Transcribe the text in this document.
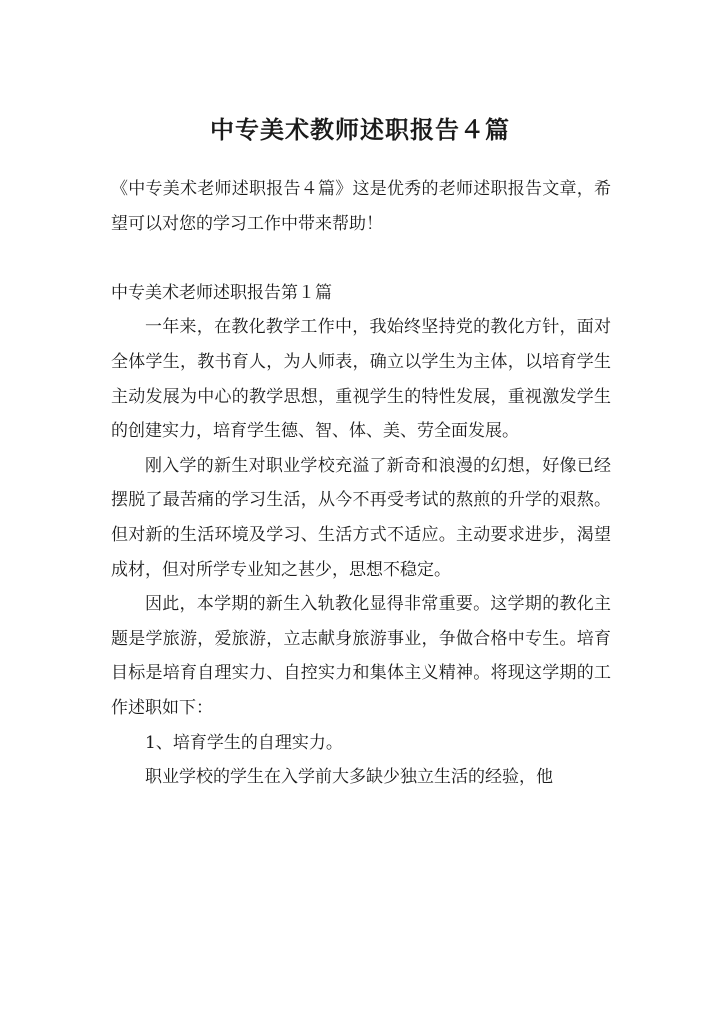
中专美术教师述职报告４篇

《中专美术老师述职报告４篇》这是优秀的老师述职报告文章，希望可以对您的学习工作中带来帮助！

中专美术老师述职报告第１篇

一年来，在教化教学工作中，我始终坚持党的教化方针，面对全体学生，教书育人，为人师表，确立以学生为主体，以培育学生主动发展为中心的教学思想，重视学生的特性发展，重视激发学生的创建实力，培育学生德、智、体、美、劳全面发展。

刚入学的新生对职业学校充溢了新奇和浪漫的幻想，好像已经摆脱了最苦痛的学习生活，从今不再受考试的熬煎的升学的艰熬。但对新的生活环境及学习、生活方式不适应。主动要求进步，渴望成材，但对所学专业知之甚少，思想不稳定。

因此，本学期的新生入轨教化显得非常重要。这学期的教化主题是学旅游，爱旅游，立志献身旅游事业，争做合格中专生。培育目标是培育自理实力、自控实力和集体主义精神。将现这学期的工作述职如下：

1、培育学生的自理实力。

职业学校的学生在入学前大多缺少独立生活的经验，他
